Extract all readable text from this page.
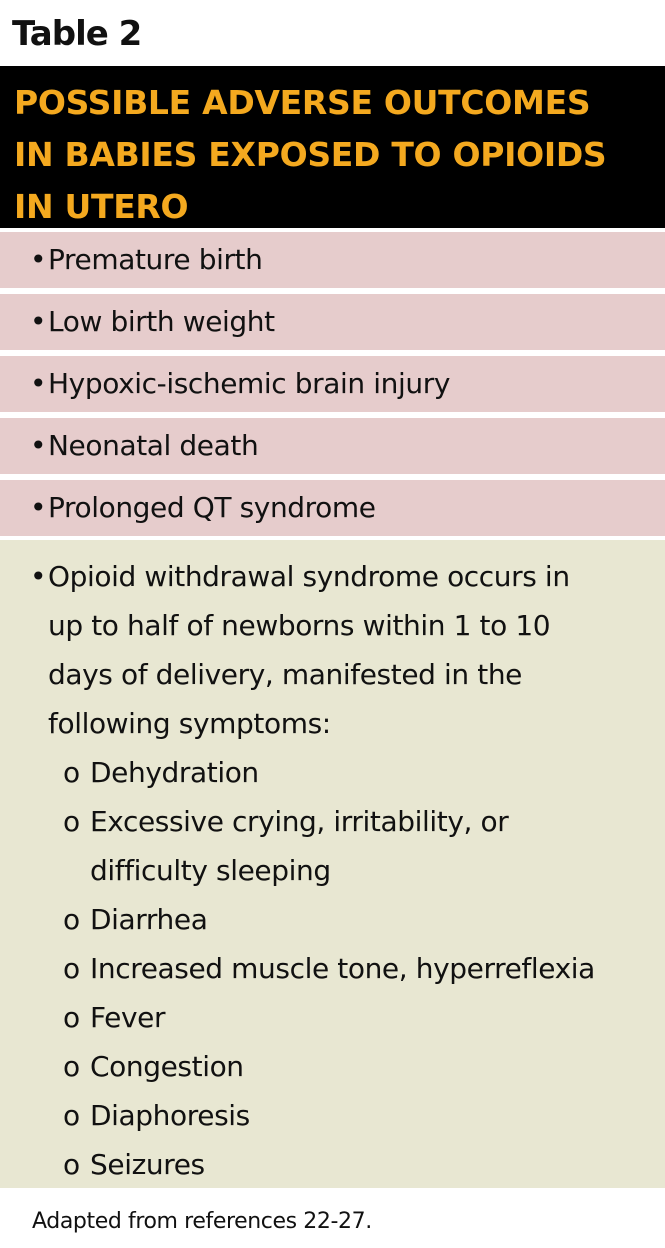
Table 2
POSSIBLE ADVERSE OUTCOMES
IN BABIES EXPOSED TO OPIOIDS
IN UTERO
•Premature birth
•Low birth weight
•Hypoxic-ischemic brain injury
•Neonatal death
•Prolonged QT syndrome
•Opioid withdrawal syndrome occurs in
up to half of newborns within 1 to 10
days of delivery, manifested in the
following symptoms:
o Dehydration
o Excessive crying, irritability, or
difficulty sleeping
o Diarrhea
o Increased muscle tone, hyperreflexia
o Fever
o Congestion
o Diaphoresis
o Seizures
Adapted from references 22-27.
